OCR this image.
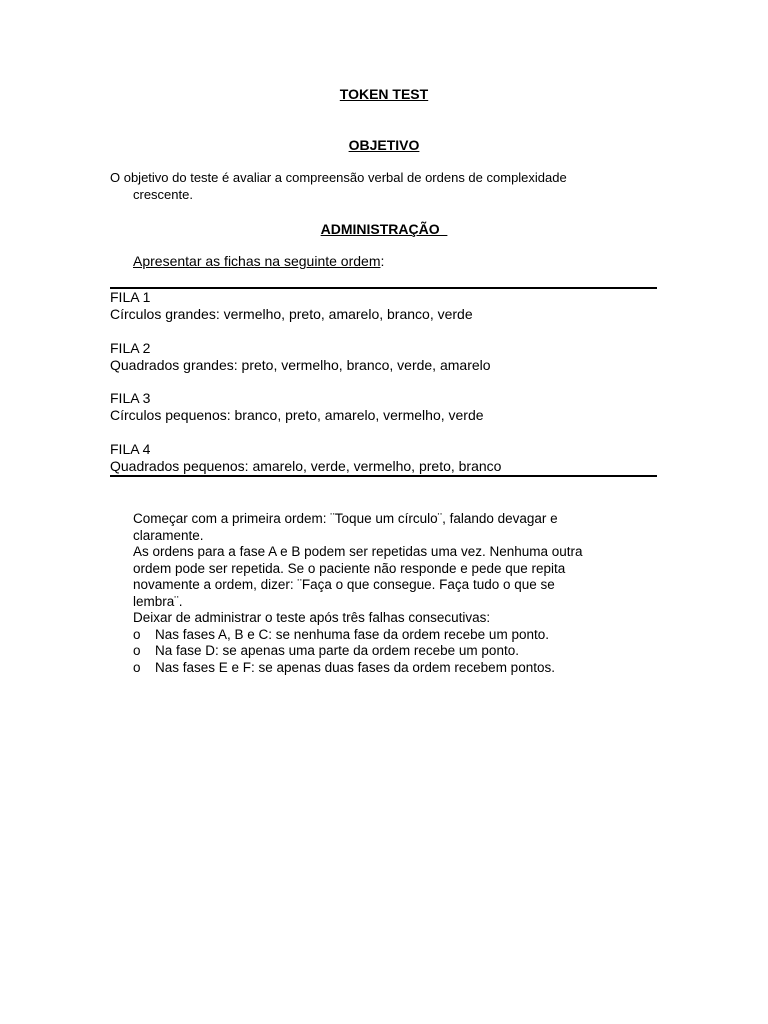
TOKEN TEST
OBJETIVO
O objetivo do teste é avaliar a compreensão verbal de ordens de complexidade
crescente.
ADMINISTRAÇÃO
Apresentar as fichas na seguinte ordem:
FILA 1
Círculos grandes: vermelho, preto, amarelo, branco, verde
FILA 2
Quadrados grandes: preto, vermelho, branco, verde, amarelo
FILA 3
Círculos pequenos: branco, preto, amarelo, vermelho, verde
FILA 4
Quadrados pequenos: amarelo, verde, vermelho, preto, branco
Começar com a primeira ordem: ¨Toque um círculo¨, falando devagar e
claramente.
As ordens para a fase A e B podem ser repetidas uma vez. Nenhuma outra
ordem pode ser repetida. Se o paciente não responde e pede que repita
novamente a ordem, dizer: ¨Faça o que consegue. Faça tudo o que se
lembra¨.
Deixar de administrar o teste após três falhas consecutivas:
o Nas fases A, B e C: se nenhuma fase da ordem recebe um ponto.
o Na fase D: se apenas uma parte da ordem recebe um ponto.
o Nas fases E e F: se apenas duas fases da ordem recebem pontos.
